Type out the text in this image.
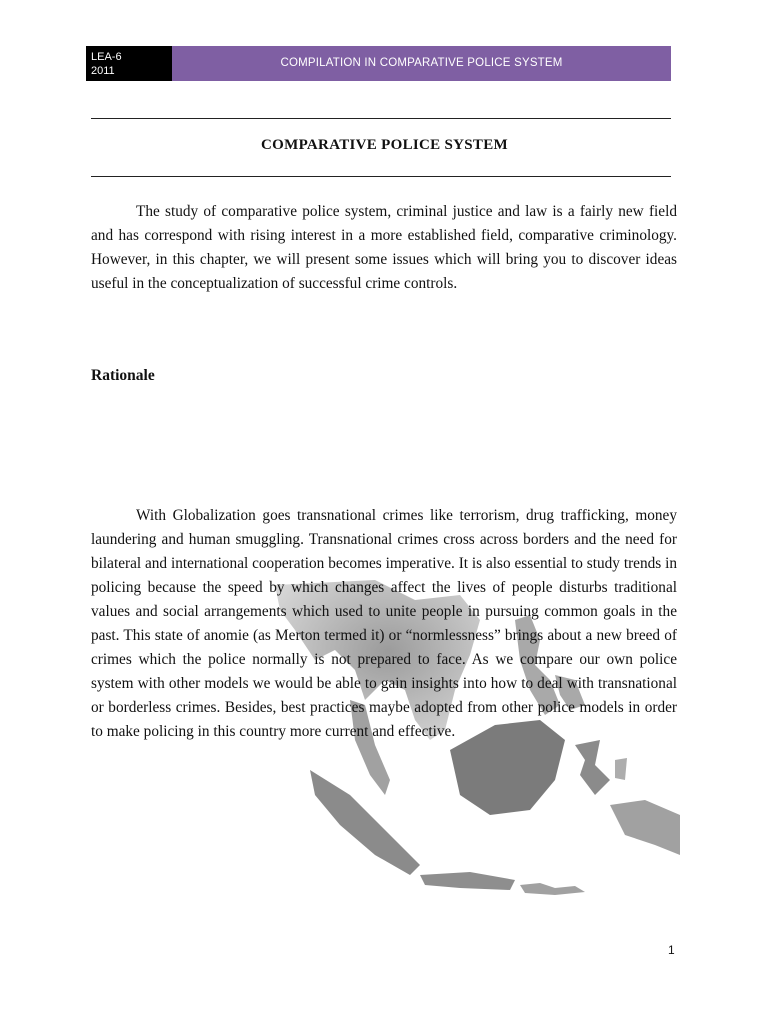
LEA-6
2011
COMPILATION IN COMPARATIVE POLICE SYSTEM
COMPARATIVE POLICE SYSTEM

The study of comparative police system, criminal justice and law is a fairly new field and has correspond with rising interest in a more established field, comparative criminology. However, in this chapter, we will present some issues which will bring you to discover ideas useful in the conceptualization of successful crime controls.

Rationale

With Globalization goes transnational crimes like terrorism, drug trafficking, money laundering and human smuggling. Transnational crimes cross across borders and the need for bilateral and international cooperation becomes imperative. It is also essential to study trends in policing because the speed by which changes affect the lives of people disturbs traditional values and social arrangements which used to unite people in pursuing common goals in the past. This state of anomie (as Merton termed it) or “normlessness” brings about a new breed of crimes which the police normally is not prepared to face. As we compare our own police system with other models we would be able to gain insights into how to deal with transnational or borderless crimes. Besides, best practices maybe adopted from other police models in order to make policing in this country more current and effective.

1
